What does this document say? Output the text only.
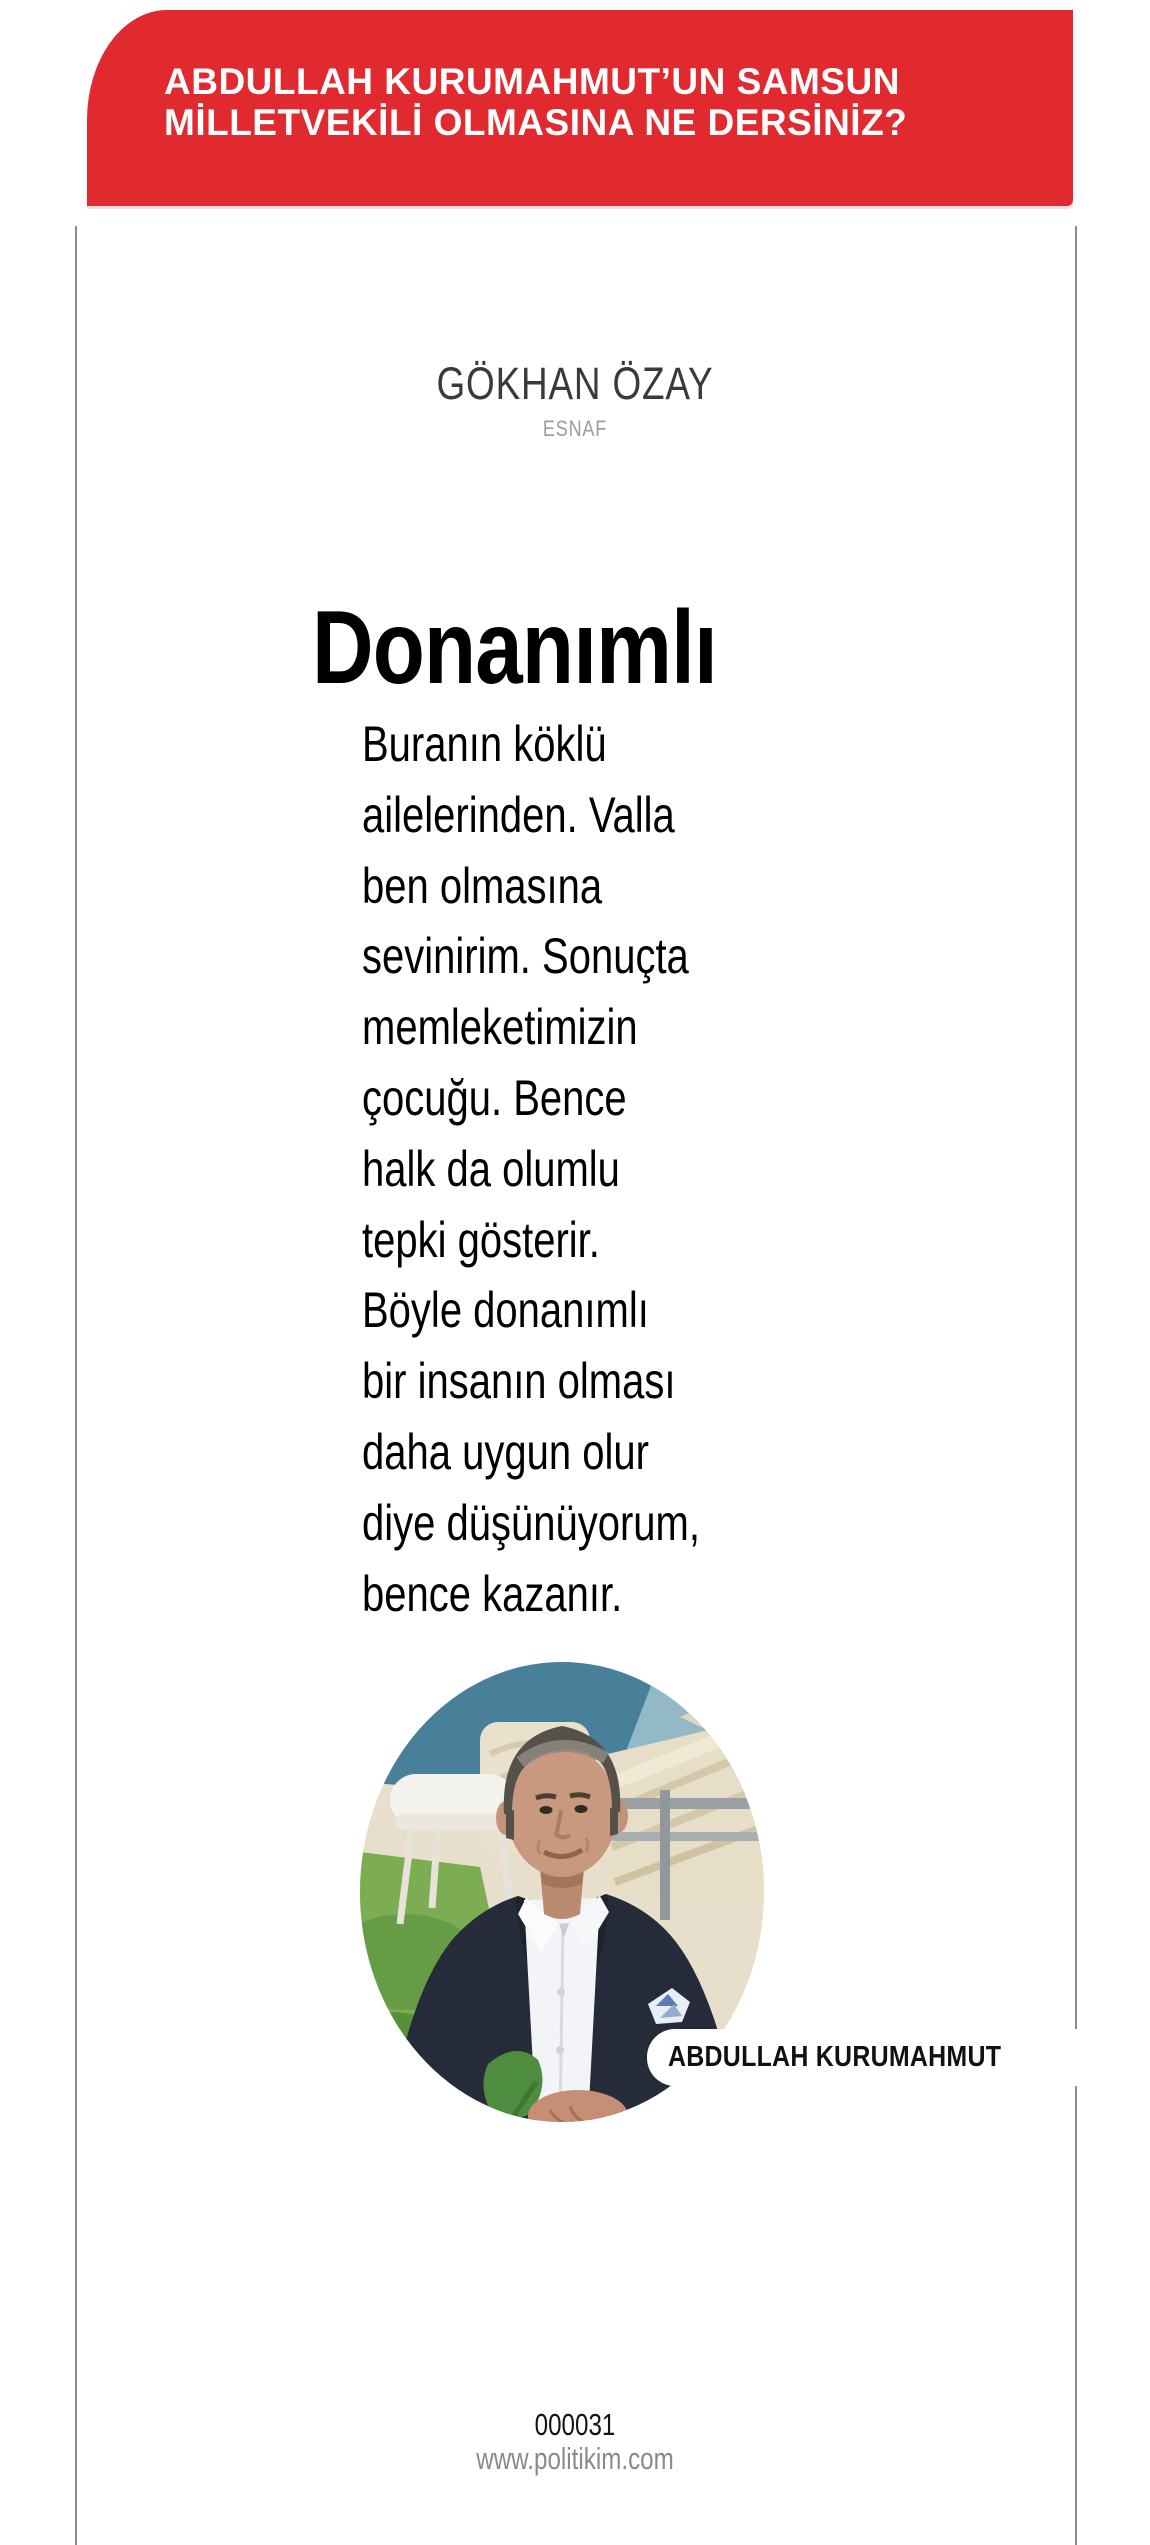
ABDULLAH KURUMAHMUT’UN SAMSUN
MİLLETVEKİLİ OLMASINA NE DERSİNİZ?
GÖKHAN ÖZAY
ESNAF
Donanımlı
Buranın köklü
ailelerinden. Valla
ben olmasına
sevinirim. Sonuçta
memleketimizin
çocuğu. Bence
halk da olumlu
tepki gösterir.
Böyle donanımlı
bir insanın olması
daha uygun olur
diye düşünüyorum,
bence kazanır.
ABDULLAH KURUMAHMUT
000031
www.politikim.com
